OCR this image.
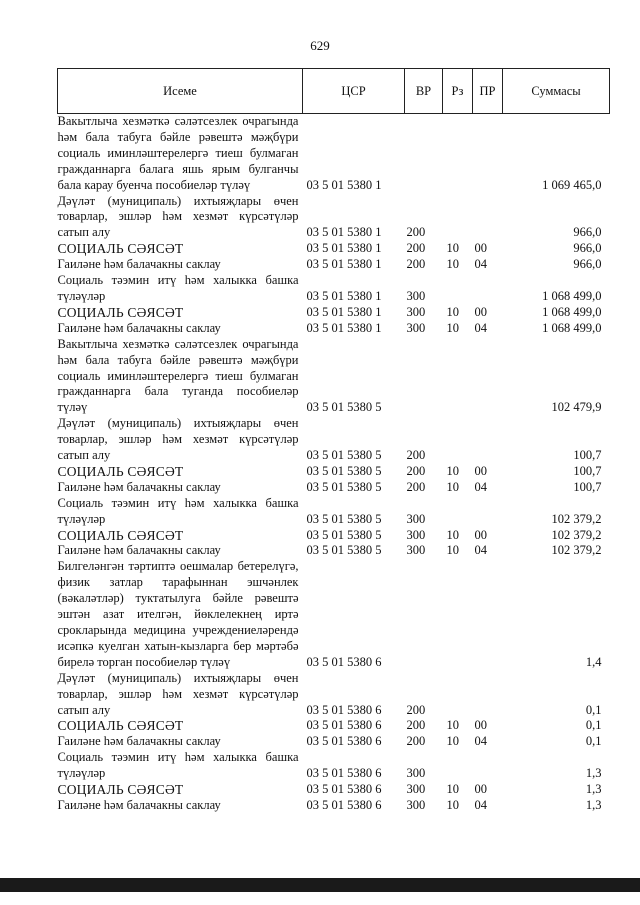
629
Исеме	ЦСР	ВР	Рз	ПР	Суммасы
Вакытлыча хезмәткә сәләтсезлек очрагында һәм бала табуга бәйле рәвештә мәҗбүри социаль иминләштерелергә тиеш булмаган гражданнарга балага яшь ярым булганчы бала карау буенча пособиеләр түләү	03 5 01 5380 1				1 069 465,0
Дәүләт (муниципаль) ихтыяҗлары өчен товарлар, эшләр һәм хезмәт күрсәтүләр сатып алу	03 5 01 5380 1	200			966,0
СОЦИАЛЬ СӘЯСӘТ	03 5 01 5380 1	200	10	00	966,0
Гаиләне һәм балачакны саклау	03 5 01 5380 1	200	10	04	966,0
Социаль тәэмин итү һәм халыкка башка түләүләр	03 5 01 5380 1	300			1 068 499,0
СОЦИАЛЬ СӘЯСӘТ	03 5 01 5380 1	300	10	00	1 068 499,0
Гаиләне һәм балачакны саклау	03 5 01 5380 1	300	10	04	1 068 499,0
Вакытлыча хезмәткә сәләтсезлек очрагында һәм бала табуга бәйле рәвештә мәҗбүри социаль иминләштерелергә тиеш булмаган гражданнарга бала туганда пособиеләр түләү	03 5 01 5380 5				102 479,9
Дәүләт (муниципаль) ихтыяҗлары өчен товарлар, эшләр һәм хезмәт күрсәтүләр сатып алу	03 5 01 5380 5	200			100,7
СОЦИАЛЬ СӘЯСӘТ	03 5 01 5380 5	200	10	00	100,7
Гаиләне һәм балачакны саклау	03 5 01 5380 5	200	10	04	100,7
Социаль тәэмин итү һәм халыкка башка түләүләр	03 5 01 5380 5	300			102 379,2
СОЦИАЛЬ СӘЯСӘТ	03 5 01 5380 5	300	10	00	102 379,2
Гаиләне һәм балачакны саклау	03 5 01 5380 5	300	10	04	102 379,2
Билгеләнгән тәртиптә оешмалар бетерелүгә, физик затлар тарафыннан эшчәнлек (вәкаләтләр) туктатылуга бәйле рәвештә эштән азат ителгән, йөклелекнең иртә срокларында медицина учреждениеләрендә исәпкә куелган хатын-кызларга бер мәртәбә бирелә торган пособиеләр түләү	03 5 01 5380 6				1,4
Дәүләт (муниципаль) ихтыяҗлары өчен товарлар, эшләр һәм хезмәт күрсәтүләр сатып алу	03 5 01 5380 6	200			0,1
СОЦИАЛЬ СӘЯСӘТ	03 5 01 5380 6	200	10	00	0,1
Гаиләне һәм балачакны саклау	03 5 01 5380 6	200	10	04	0,1
Социаль тәэмин итү һәм халыкка башка түләүләр	03 5 01 5380 6	300			1,3
СОЦИАЛЬ СӘЯСӘТ	03 5 01 5380 6	300	10	00	1,3
Гаиләне һәм балачакны саклау	03 5 01 5380 6	300	10	04	1,3
